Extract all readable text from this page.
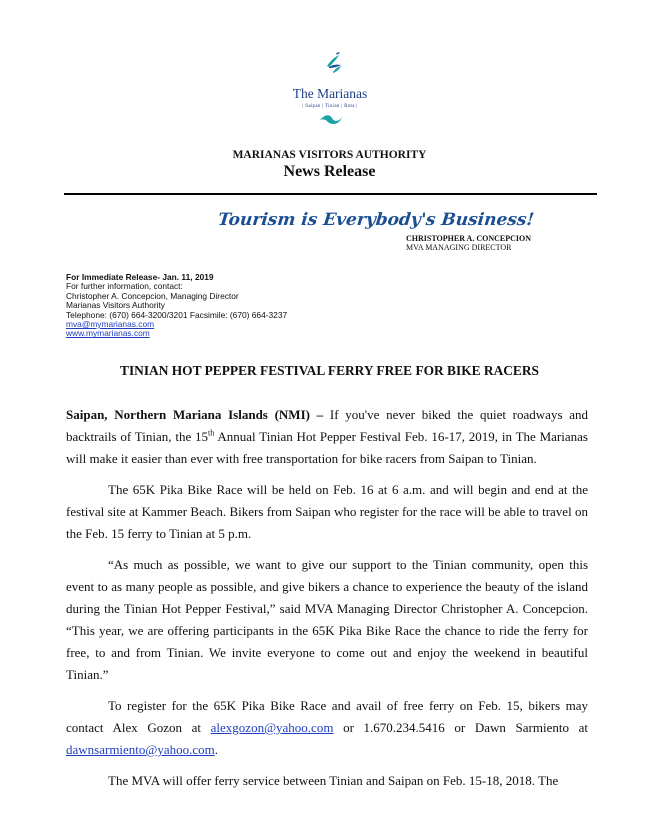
The Marianas
| Saipan | Tinian | Rota |
MARIANAS VISITORS AUTHORITY
News Release
Tourism is Everybody's Business!
CHRISTOPHER A. CONCEPCION
MVA MANAGING DIRECTOR
For Immediate Release- Jan. 11, 2019
For further information, contact:
Christopher A. Concepcion, Managing Director
Marianas Visitors Authority
Telephone: (670) 664-3200/3201 Facsimile: (670) 664-3237
mva@mymarianas.com
www.mymarianas.com
TINIAN HOT PEPPER FESTIVAL FERRY FREE FOR BIKE RACERS

Saipan, Northern Mariana Islands (NMI) – If you've never biked the quiet roadways and backtrails of Tinian, the 15th Annual Tinian Hot Pepper Festival Feb. 16-17, 2019, in The Marianas will make it easier than ever with free transportation for bike racers from Saipan to Tinian.

The 65K Pika Bike Race will be held on Feb. 16 at 6 a.m. and will begin and end at the festival site at Kammer Beach. Bikers from Saipan who register for the race will be able to travel on the Feb. 15 ferry to Tinian at 5 p.m.

“As much as possible, we want to give our support to the Tinian community, open this event to as many people as possible, and give bikers a chance to experience the beauty of the island during the Tinian Hot Pepper Festival,” said MVA Managing Director Christopher A. Concepcion. “This year, we are offering participants in the 65K Pika Bike Race the chance to ride the ferry for free, to and from Tinian. We invite everyone to come out and enjoy the weekend in beautiful Tinian.”

To register for the 65K Pika Bike Race and avail of free ferry on Feb. 15, bikers may contact Alex Gozon at alexgozon@yahoo.com or 1.670.234.5416 or Dawn Sarmiento at dawnsarmiento@yahoo.com.

The MVA will offer ferry service between Tinian and Saipan on Feb. 15-18, 2018. The
